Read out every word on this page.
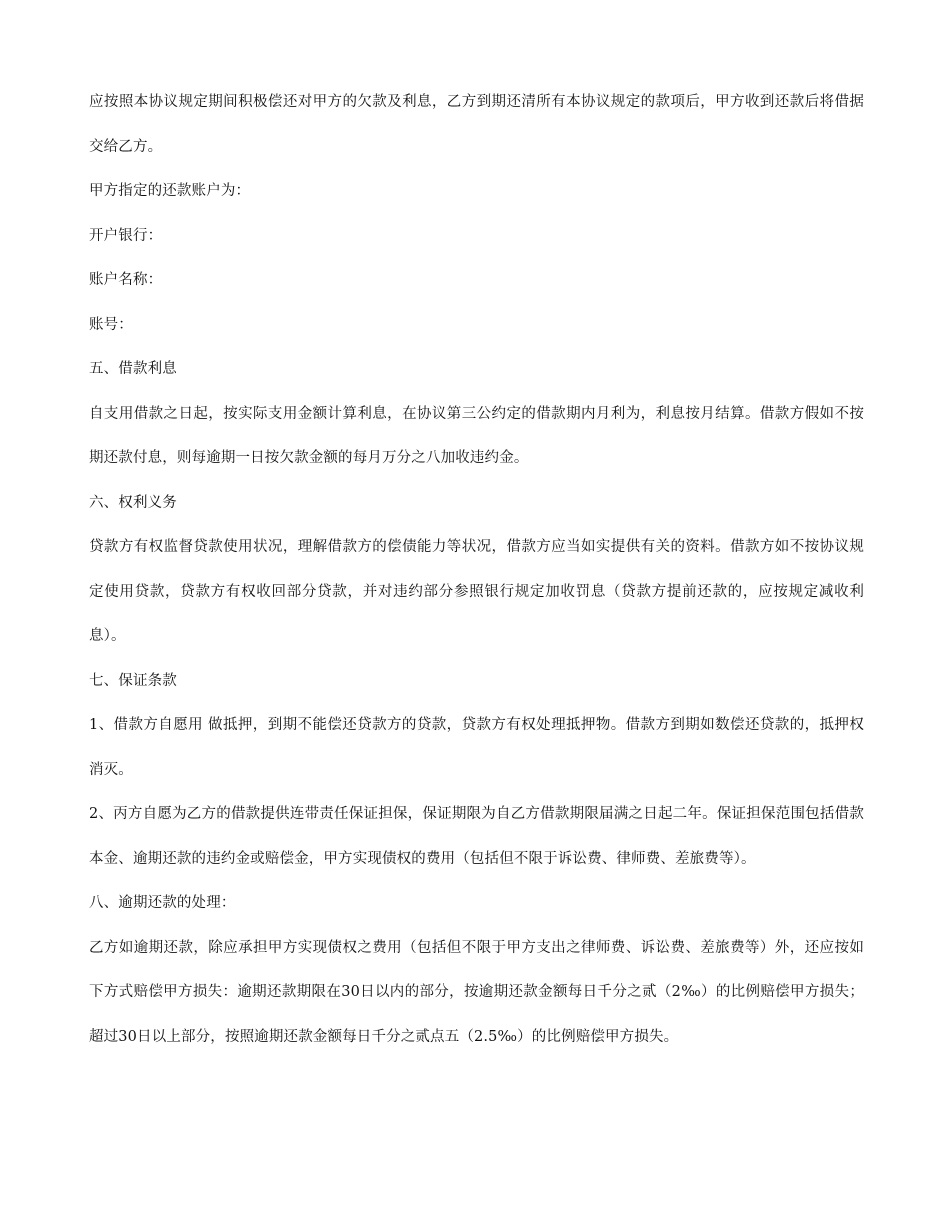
应按照本协议规定期间积极偿还对甲方的欠款及利息，乙方到期还清所有本协议规定的款项后，甲方收到还款后将借据交给乙方。

甲方指定的还款账户为：

开户银行：

账户名称：

账号：

五、借款利息

自支用借款之日起，按实际支用金额计算利息，在协议第三公约定的借款期内月利为，利息按月结算。借款方假如不按期还款付息，则每逾期一日按欠款金额的每月万分之八加收违约金。

六、权利义务

贷款方有权监督贷款使用状况，理解借款方的偿债能力等状况，借款方应当如实提供有关的资料。借款方如不按协议规定使用贷款，贷款方有权收回部分贷款，并对违约部分参照银行规定加收罚息（贷款方提前还款的，应按规定减收利息）。

七、保证条款

1、借款方自愿用 做抵押，到期不能偿还贷款方的贷款，贷款方有权处理抵押物。借款方到期如数偿还贷款的，抵押权消灭。

2、丙方自愿为乙方的借款提供连带责任保证担保，保证期限为自乙方借款期限届满之日起二年。保证担保范围包括借款本金、逾期还款的违约金或赔偿金，甲方实现债权的费用（包括但不限于诉讼费、律师费、差旅费等）。

八、逾期还款的处理：

乙方如逾期还款，除应承担甲方实现债权之费用（包括但不限于甲方支出之律师费、诉讼费、差旅费等）外，还应按如下方式赔偿甲方损失：逾期还款期限在30日以内的部分，按逾期还款金额每日千分之贰（2‰）的比例赔偿甲方损失；超过30日以上部分，按照逾期还款金额每日千分之贰点五（2.5‰）的比例赔偿甲方损失。
